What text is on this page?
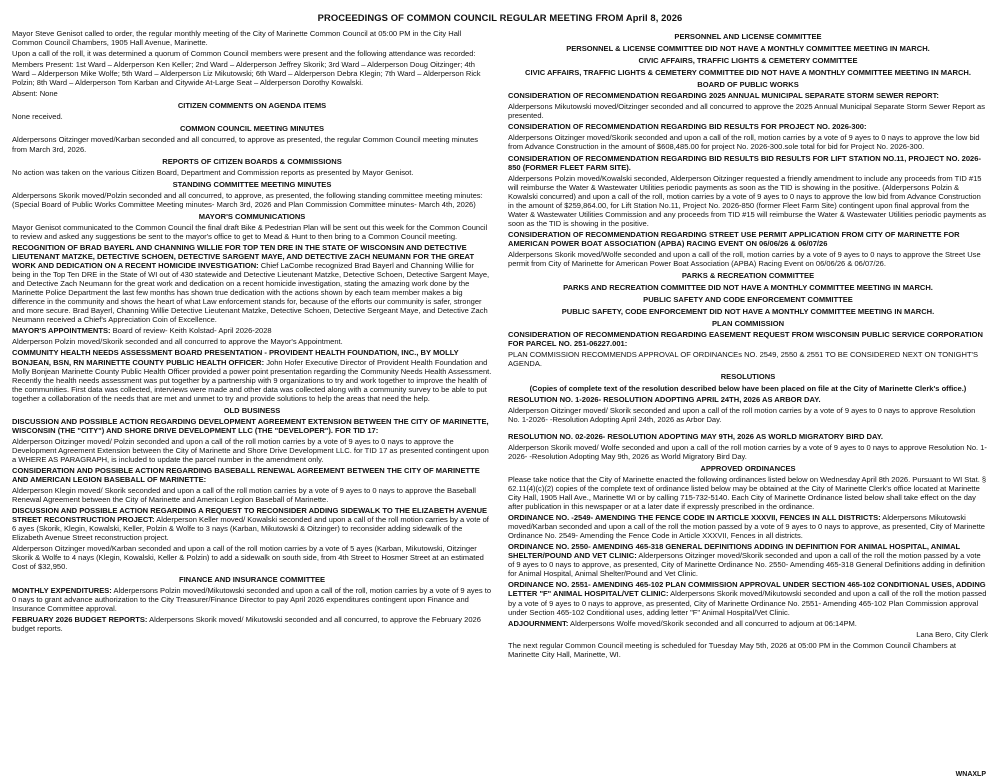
PROCEEDINGS OF COMMON COUNCIL REGULAR MEETING FROM April 8, 2026

Mayor Steve Genisot called to order, the regular monthly meeting of the City of Marinette Common Council at 05:00 PM in the City Hall Common Council Chambers, 1905 Hall Avenue, Marinette.

Upon a call of the roll, it was determined a quorum of Common Council members were present and the following attendance was recorded:

Members Present: 1st Ward – Alderperson Ken Keller; 2nd Ward – Alderperson Jeffrey Skorik; 3rd Ward – Alderperson Doug Oitzinger; 4th Ward – Alderperson Mike Wolfe; 5th Ward – Alderperson Liz Mikutowski; 6th Ward – Alderperson Debra Klegin; 7th Ward – Alderperson Rick Polzin; 8th Ward – Alderperson Tom Karban and Citywide At-Large Seat – Alderperson Dorothy Kowalski.

Absent: None

CITIZEN COMMENTS ON AGENDA ITEMS

None received.

COMMON COUNCIL MEETING MINUTES

Alderpersons Oitzinger moved/Karban seconded and all concurred, to approve as presented, the regular Common Council meeting minutes from March 3rd, 2026.

REPORTS OF CITIZEN BOARDS & COMMISSIONS

No action was taken on the various Citizen Board, Department and Commission reports as presented by Mayor Genisot.

STANDING COMMITTEE MEETING MINUTES

Alderpersons Skorik moved/Polzin seconded and all concurred, to approve, as presented, the following standing committee meeting minutes: (Special Board of Public Works Committee Meeting minutes- March 3rd, 2026 and Plan Commission Committee minutes- March 4th, 2026)

MAYOR'S COMMUNICATIONS

Mayor Genisot communicated to the Common Council the final draft Bike & Pedestrian Plan will be sent out this week for the Common Council to review and asked any suggestions be sent to the mayor's office to get to Mead & Hunt to then bring to a Common Council meeting.

RECOGNITION OF BRAD BAYERL AND CHANNING WILLIE FOR TOP TEN DRE IN THE STATE OF WISCONSIN AND DETECTIVE LIEUTENANT MATZKE, DETECTIVE SCHOEN, DETECTIVE SARGENT MAYE, AND DETECTIVE ZACH NEUMANN FOR THE GREAT WORK AND DEDICATION ON A RECENT HOMICIDE INVESTIGATION: Chief LaCombe recognized Brad Bayerl and Channing Willie for being in the Top Ten DRE in the State of WI out of 430 statewide and Detective Lieutenant Matzke, Detective Schoen, Detective Sargent Maye, and Detective Zach Neumann for the great work and dedication on a recent homicide investigation, stating the amazing work done by the Marinette Police Department the last few months has shown true dedication with the actions shown by each team member makes a big difference in the community and shows the heart of what Law enforcement stands for, because of the efforts our community is safer, stronger and more secure. Brad Bayerl, Channing Willie Detective Lieutenant Matzke, Detective Schoen, Detective Sergeant Maye, and Detective Zach Neumann received a Chief's Appreciation Coin of Excellence.

MAYOR'S APPOINTMENTS: Board of review- Keith Kolstad- April 2026-2028

Alderperson Polzin moved/Skorik seconded and all concurred to approve the Mayor's Appointment.

COMMUNITY HEALTH NEEDS ASSESSMENT BOARD PRESENTATION - PROVIDENT HEALTH FOUNDATION, INC., BY MOLLY BONJEAN, BSN, RN MARINETTE COUNTY PUBLIC HEALTH OFFICER: John Hofer Executive Director of Provident Health Foundation and Molly Bonjean Marinette County Public Health Officer provided a power point presentation regarding the Community Needs Health Assessment. Recently the health needs assessment was put together by a partnership with 9 organizations to try and work together to improve the health of the communities. First data was collected, interviews were made and other data was collected along with a community survey to be able to put together a collaboration of the needs that are met and unmet to try and provide solutions to help the areas that need the help.

OLD BUSINESS

DISCUSSION AND POSSIBLE ACTION REGARDING DEVELOPMENT AGREEMENT EXTENSION BETWEEN THE CITY OF MARINETTE, WISCONSIN (THE "CITY") AND SHORE DRIVE DEVELOPMENT LLC (THE "DEVELOPER"). FOR TID 17:

Alderperson Oitzinger moved/ Polzin seconded and upon a call of the roll motion carries by a vote of 9 ayes to 0 nays to approve the Development Agreement Extension between the City of Marinette and Shore Drive Development LLC. for TID 17 as presented contingent upon a WHERE AS PARAGRAPH, is included to update the parcel number in the amendment only.

CONSIDERATION AND POSSIBLE ACTION REGARDING BASEBALL RENEWAL AGREEMENT BETWEEN THE CITY OF MARINETTE AND AMERICAN LEGION BASEBALL OF MARINETTE:

Alderperson Klegin moved/ Skorik seconded and upon a call of the roll motion carries by a vote of 9 ayes to 0 nays to approve the Baseball Renewal Agreement between the City of Marinette and American Legion Baseball of Marinette.

DISCUSSION AND POSSIBLE ACTION REGARDING A REQUEST TO RECONSIDER ADDING SIDEWALK TO THE ELIZABETH AVENUE STREET RECONSTRUCTION PROJECT: Alderperson Keller moved/ Kowalski seconded and upon a call of the roll motion carries by a vote of 6 ayes (Skorik, Klegin, Kowalski, Keller, Polzin & Wolfe to 3 nays (Karban, Mikutowski & Oitzinger) to reconsider adding sidewalk of the Elizabeth Avenue Street reconstruction project.

Alderperson Oitzinger moved/Karban seconded and upon a call of the roll motion carries by a vote of 5 ayes (Karban, Mikutowski, Oitzinger Skorik & Wolfe to 4 nays (Klegin, Kowalski, Keller & Polzin) to add a sidewalk on south side, from 4th Street to Hosmer Street at an estimated Cost of $32,950.

FINANCE AND INSURANCE COMMITTEE

MONTHLY EXPENDITURES: Alderpersons Polzin moved/Mikutowski seconded and upon a call of the roll, motion carries by a vote of 9 ayes to 0 nays to grant advance authorization to the City Treasurer/Finance Director to pay April 2026 expenditures contingent upon Finance and Insurance Committee approval.

FEBRUARY 2026 BUDGET REPORTS: Alderpersons Skorik moved/ Mikutowski seconded and all concurred, to approve the February 2026 budget reports.

PERSONNEL AND LICENSE COMMITTEE
PERSONNEL & LICENSE COMMITTEE DID NOT HAVE A MONTHLY COMMITTEE MEETING IN MARCH.
CIVIC AFFAIRS, TRAFFIC LIGHTS & CEMETERY COMMITTEE
CIVIC AFFAIRS, TRAFFIC LIGHTS & CEMETERY COMMITTEE DID NOT HAVE A MONTHLY COMMITTEE MEETING IN MARCH.
BOARD OF PUBLIC WORKS

CONSIDERATION OF RECOMMENDATION REGARDING 2025 ANNUAL MUNICIPAL SEPARATE STORM SEWER REPORT:

Alderpersons Mikutowski moved/Oitzinger seconded and all concurred to approve the 2025 Annual Municipal Separate Storm Sewer Report as presented.

CONSIDERATION OF RECOMMENDATION REGARDING BID RESULTS FOR PROJECT NO. 2026-300:

Alderpersons Oitzinger moved/Skorik seconded and upon a call of the roll, motion carries by a vote of 9 ayes to 0 nays to approve the low bid from Advance Construction in the amount of $608,485.00 for project No. 2026-300.sole total for bid for Project No. 2026-300.

CONSIDERATION OF RECOMMENDATION REGARDING BID RESULTS BID RESULTS FOR LIFT STATION NO.11, PROJECT NO. 2026-850 (FORMER FLEET FARM SITE).

Alderpersons Polzin moved/Kowalski seconded, Alderperson Oitzinger requested a friendly amendment to include any proceeds from TID #15 will reimburse the Water & Wastewater Utilities periodic payments as soon as the TID is showing in the positive. (Alderpersons Polzin & Kowalski concurred) and upon a call of the roll, motion carries by a vote of 9 ayes to 0 nays to approve the low bid from Advance Construction in the amount of $259,864.00, for Lift Station No.11, Project No. 2026-850 (former Fleet Farm Site) contingent upon final approval from the Water & Wastewater Utilities Commission and any proceeds from TID #15 will reimburse the Water & Wastewater Utilities periodic payments as soon as the TID is showing in the positive.

CONSIDERATION OF RECOMMENDATION REGARDING STREET USE PERMIT APPLICATION FROM CITY OF MARINETTE FOR AMERICAN POWER BOAT ASSOCIATION (APBA) RACING EVENT ON 06/06/26 & 06/07/26

Alderpersons Skorik moved/Wolfe seconded and upon a call of the roll, motion carries by a vote of 9 ayes to 0 nays to approve the Street Use permit from City of Marinette for American Power Boat Association (APBA) Racing Event on 06/06/26 & 06/07/26.

PARKS & RECREATION COMMITTEE
PARKS AND RECREATION COMMITTEE DID NOT HAVE A MONTHLY COMMITTEE MEETING IN MARCH.
PUBLIC SAFETY AND CODE ENFORCEMENT COMMITTEE
PUBLIC SAFETY, CODE ENFORCEMENT DID NOT HAVE A MONTHLY COMMITTEE MEETING IN MARCH.
PLAN COMMISSION

CONSIDERATION OF RECOMMENDATION REGARDING EASEMENT REQUEST FROM WISCONSIN PUBLIC SERVICE CORPORATION FOR PARCEL NO. 251-06227.001:

PLAN COMMISSION RECOMMENDS APPROVAL OF ORDINANCEs NO. 2549, 2550 & 2551 TO BE CONSIDERED NEXT ON TONIGHT'S AGENDA.

RESOLUTIONS
(Copies of complete text of the resolution described below have been placed on file at the City of Marinette Clerk's office.)

RESOLUTION NO. 1-2026- RESOLUTION ADOPTING APRIL 24TH, 2026 AS ARBOR DAY.

Alderperson Oitzinger moved/ Skorik seconded and upon a call of the roll motion carries by a vote of 9 ayes to 0 nays to approve Resolution No. 1-2026- -Resolution Adopting April 24th, 2026 as Arbor Day.

RESOLUTION NO. 02-2026- RESOLUTION ADOPTING MAY 9TH, 2026 AS WORLD MIGRATORY BIRD DAY.

Alderperson Skorik moved/ Wolfe seconded and upon a call of the roll motion carries by a vote of 9 ayes to 0 nays to approve Resolution No. 1-2026- -Resolution Adopting May 9th, 2026 as World Migratory Bird Day.

APPROVED ORDINANCES

Please take notice that the City of Marinette enacted the following ordinances listed below on Wednesday April 8th 2026. Pursuant to WI Stat. § 62.11(4)(c)(2) copies of the complete text of ordinance listed below may be obtained at the City of Marinette Clerk's office located at Marinette City Hall, 1905 Hall Ave., Marinette WI or by calling 715-732-5140. Each City of Marinette Ordinance listed below shall take effect on the day after publication in this newspaper or at a later date if expressly prescribed in the ordinance.

ORDINANCE NO. -2549- AMENDING THE FENCE CODE IN ARTICLE XXXVII, FENCES IN ALL DISTRICTS: Alderpersons Mikutowski moved/Karban seconded and upon a call of the roll the motion passed by a vote of 9 ayes to 0 nays to approve, as presented, City of Marinette Ordinance No. 2549- Amending the Fence Code in Article XXXVII, Fences in all districts.

ORDINANCE NO. 2550- AMENDING 465-318 GENERAL DEFINITIONS ADDING IN DEFINITION FOR ANIMAL HOSPITAL, ANIMAL SHELTER/POUND AND VET CLINIC: Alderpersons Oitzinger moved/Skorik seconded and upon a call of the roll the motion passed by a vote of 9 ayes to 0 nays to approve, as presented, City of Marinette Ordinance No. 2550- Amending 465-318 General Definitions adding in definition for Animal Hospital, Animal Shelter/Pound and Vet Clinic.

ORDINANCE NO. 2551- AMENDING 465-102 PLAN COMMISSION APPROVAL UNDER SECTION 465-102 CONDITIONAL USES, ADDING LETTER "F" ANIMAL HOSPITAL/VET CLINIC: Alderpersons Skorik moved/Mikutowski seconded and upon a call of the roll the motion passed by a vote of 9 ayes to 0 nays to approve, as presented, City of Marinette Ordinance No. 2551- Amending 465-102 Plan Commission approval under Section 465-102 Conditional uses, adding letter "F" Animal Hospital/Vet Clinic.

ADJOURNMENT: Alderpersons Wolfe moved/Skorik seconded and all concurred to adjourn at 06:14PM.

Lana Bero, City Clerk

The next regular Common Council meeting is scheduled for Tuesday May 5th, 2026 at 05:00 PM in the Common Council Chambers at Marinette City Hall, Marinette, WI.

WNAXLP
